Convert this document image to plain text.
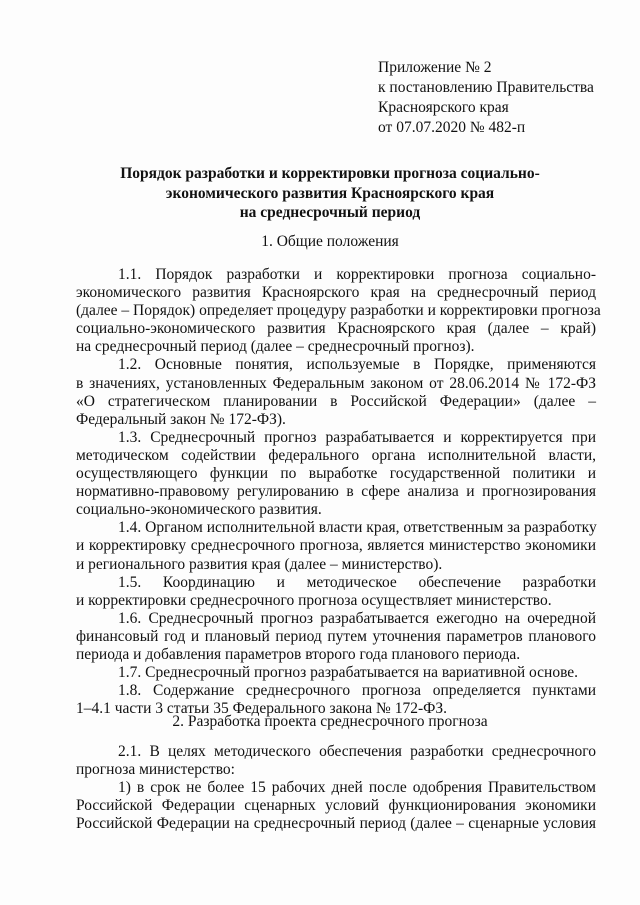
Приложение № 2
к постановлению Правительства
Красноярского края
от 07.07.2020 № 482-п
Порядок разработки и корректировки прогноза социально-
экономического развития Красноярского края
на среднесрочный период
1. Общие положения
1.1. Порядок разработки и корректировки прогноза социально-
экономического развития Красноярского края на среднесрочный период
(далее – Порядок) определяет процедуру разработки и корректировки прогноза
социально-экономического развития Красноярского края (далее – край)
на среднесрочный период (далее – среднесрочный прогноз).
1.2. Основные понятия, используемые в Порядке, применяются
в значениях, установленных Федеральным законом от 28.06.2014 № 172-ФЗ
«О стратегическом планировании в Российской Федерации» (далее –
Федеральный закон № 172-ФЗ).
1.3. Среднесрочный прогноз разрабатывается и корректируется при
методическом содействии федерального органа исполнительной власти,
осуществляющего функции по выработке государственной политики и
нормативно-правовому регулированию в сфере анализа и прогнозирования
социально-экономического развития.
1.4. Органом исполнительной власти края, ответственным за разработку
и корректировку среднесрочного прогноза, является министерство экономики
и регионального развития края (далее – министерство).
1.5. Координацию и методическое обеспечение разработки
и корректировки среднесрочного прогноза осуществляет министерство.
1.6. Среднесрочный прогноз разрабатывается ежегодно на очередной
финансовый год и плановый период путем уточнения параметров планового
периода и добавления параметров второго года планового периода.
1.7. Среднесрочный прогноз разрабатывается на вариативной основе.
1.8. Содержание среднесрочного прогноза определяется пунктами
1–4.1 части 3 статьи 35 Федерального закона № 172-ФЗ.
2. Разработка проекта среднесрочного прогноза
2.1. В целях методического обеспечения разработки среднесрочного
прогноза министерство:
1) в срок не более 15 рабочих дней после одобрения Правительством
Российской Федерации сценарных условий функционирования экономики
Российской Федерации на среднесрочный период (далее – сценарные условия
